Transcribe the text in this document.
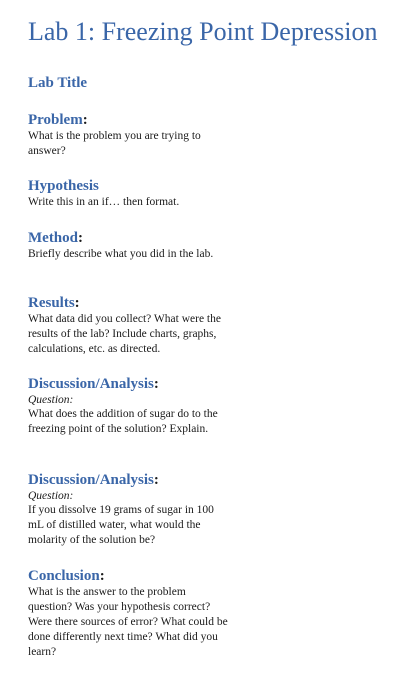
Lab 1: Freezing Point Depression
Lab Title
Problem:
What is the problem you are trying to answer?
Hypothesis
Write this in an if… then format.
Method:
Briefly describe what you did in the lab.
Results:
What data did you collect? What were the results of the lab? Include charts, graphs, calculations, etc. as directed.
Discussion/Analysis:
Question:
What does the addition of sugar do to the freezing point of the solution? Explain.
Discussion/Analysis:
Question:
If you dissolve 19 grams of sugar in 100 mL of distilled water, what would the molarity of the solution be?
Conclusion:
What is the answer to the problem question? Was your hypothesis correct? Were there sources of error? What could be done differently next time? What did you learn?
